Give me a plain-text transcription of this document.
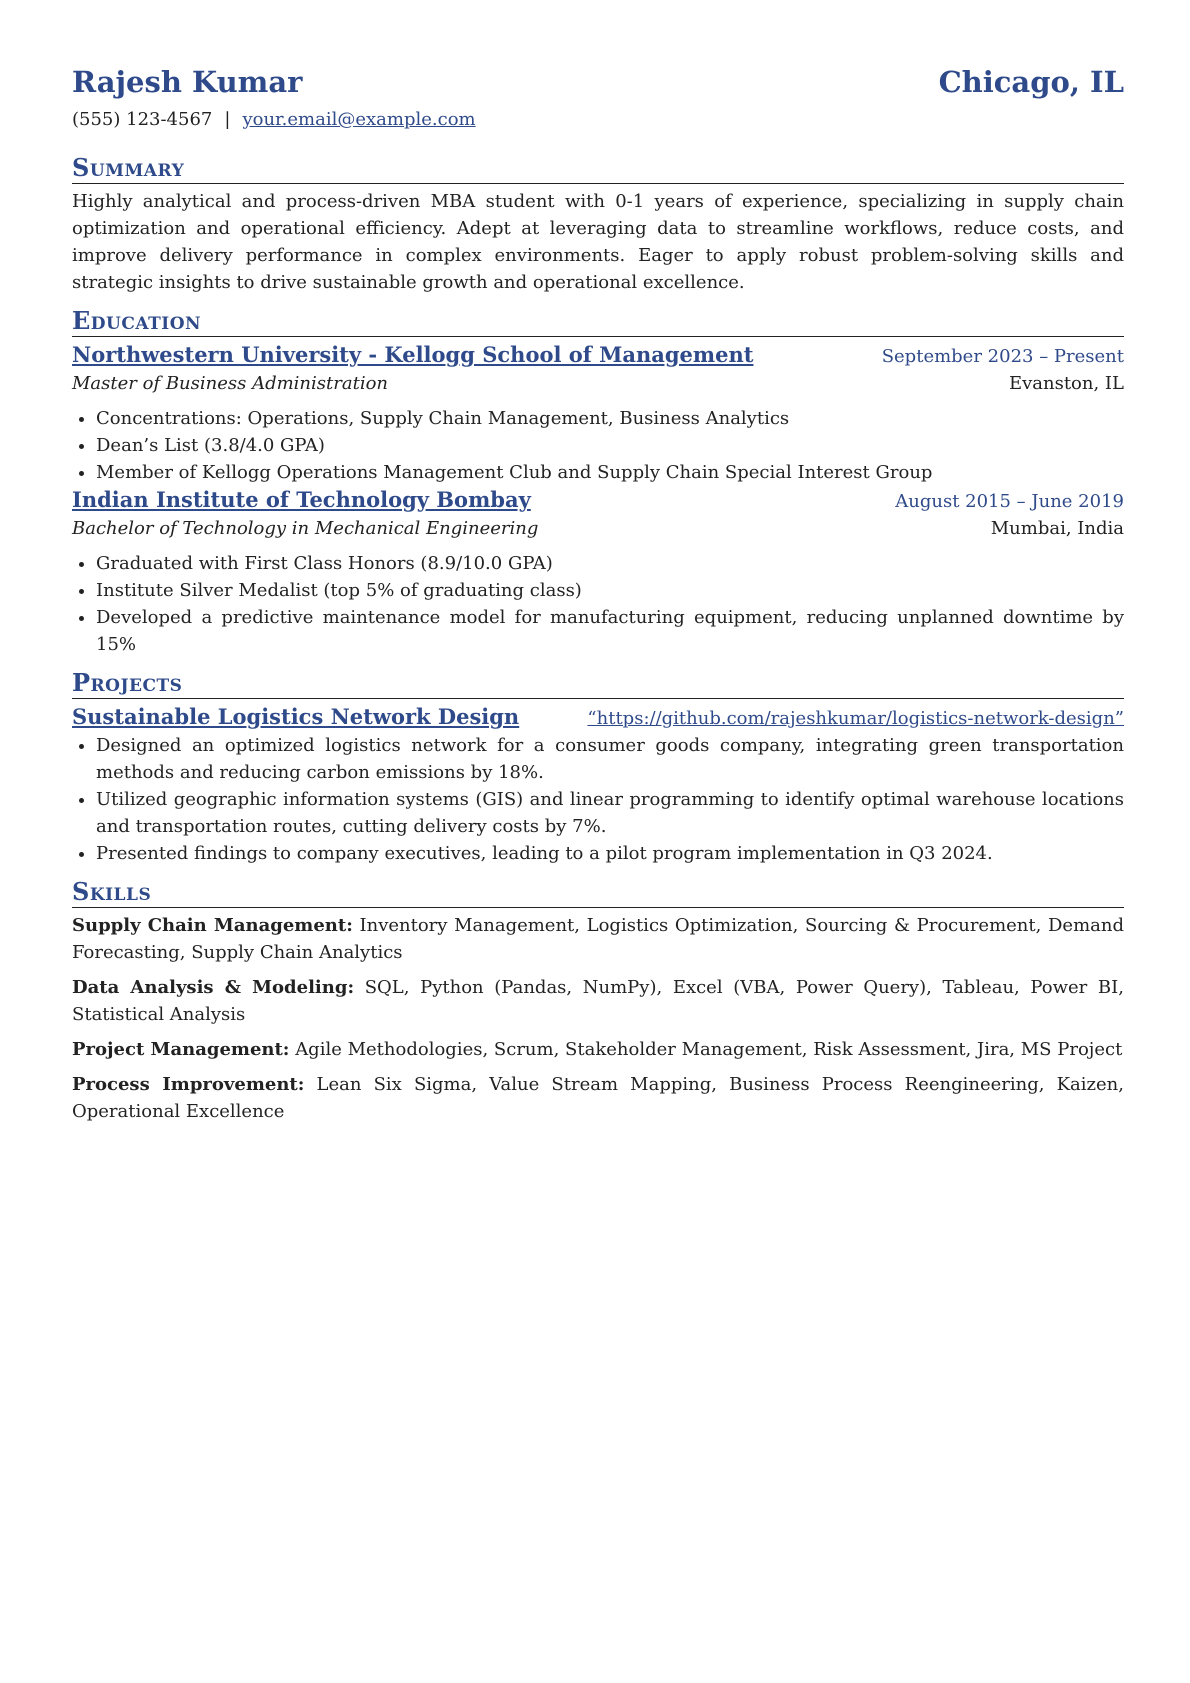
Rajesh Kumar	Chicago, IL
(555) 123-4567 | your.email@example.com
Summary
Highly analytical and process-driven MBA student with 0-1 years of experience, specializing in supply chain optimization and operational efficiency. Adept at leveraging data to streamline workflows, reduce costs, and improve delivery performance in complex environments. Eager to apply robust problem-solving skills and strategic insights to drive sustainable growth and operational excellence.
Education
Northwestern University - Kellogg School of Management	September 2023 – Present
Master of Business Administration	Evanston, IL
• Concentrations: Operations, Supply Chain Management, Business Analytics
• Dean’s List (3.8/4.0 GPA)
• Member of Kellogg Operations Management Club and Supply Chain Special Interest Group
Indian Institute of Technology Bombay	August 2015 – June 2019
Bachelor of Technology in Mechanical Engineering	Mumbai, India
• Graduated with First Class Honors (8.9/10.0 GPA)
• Institute Silver Medalist (top 5% of graduating class)
• Developed a predictive maintenance model for manufacturing equipment, reducing unplanned downtime by 15%
Projects
Sustainable Logistics Network Design	“https://github.com/rajeshkumar/logistics-network-design”
• Designed an optimized logistics network for a consumer goods company, integrating green transportation methods and reducing carbon emissions by 18%.
• Utilized geographic information systems (GIS) and linear programming to identify optimal warehouse locations and transportation routes, cutting delivery costs by 7%.
• Presented findings to company executives, leading to a pilot program implementation in Q3 2024.
Skills
Supply Chain Management: Inventory Management, Logistics Optimization, Sourcing & Procurement, Demand Forecasting, Supply Chain Analytics
Data Analysis & Modeling: SQL, Python (Pandas, NumPy), Excel (VBA, Power Query), Tableau, Power BI, Statistical Analysis
Project Management: Agile Methodologies, Scrum, Stakeholder Management, Risk Assessment, Jira, MS Project
Process Improvement: Lean Six Sigma, Value Stream Mapping, Business Process Reengineering, Kaizen, Operational Excellence
